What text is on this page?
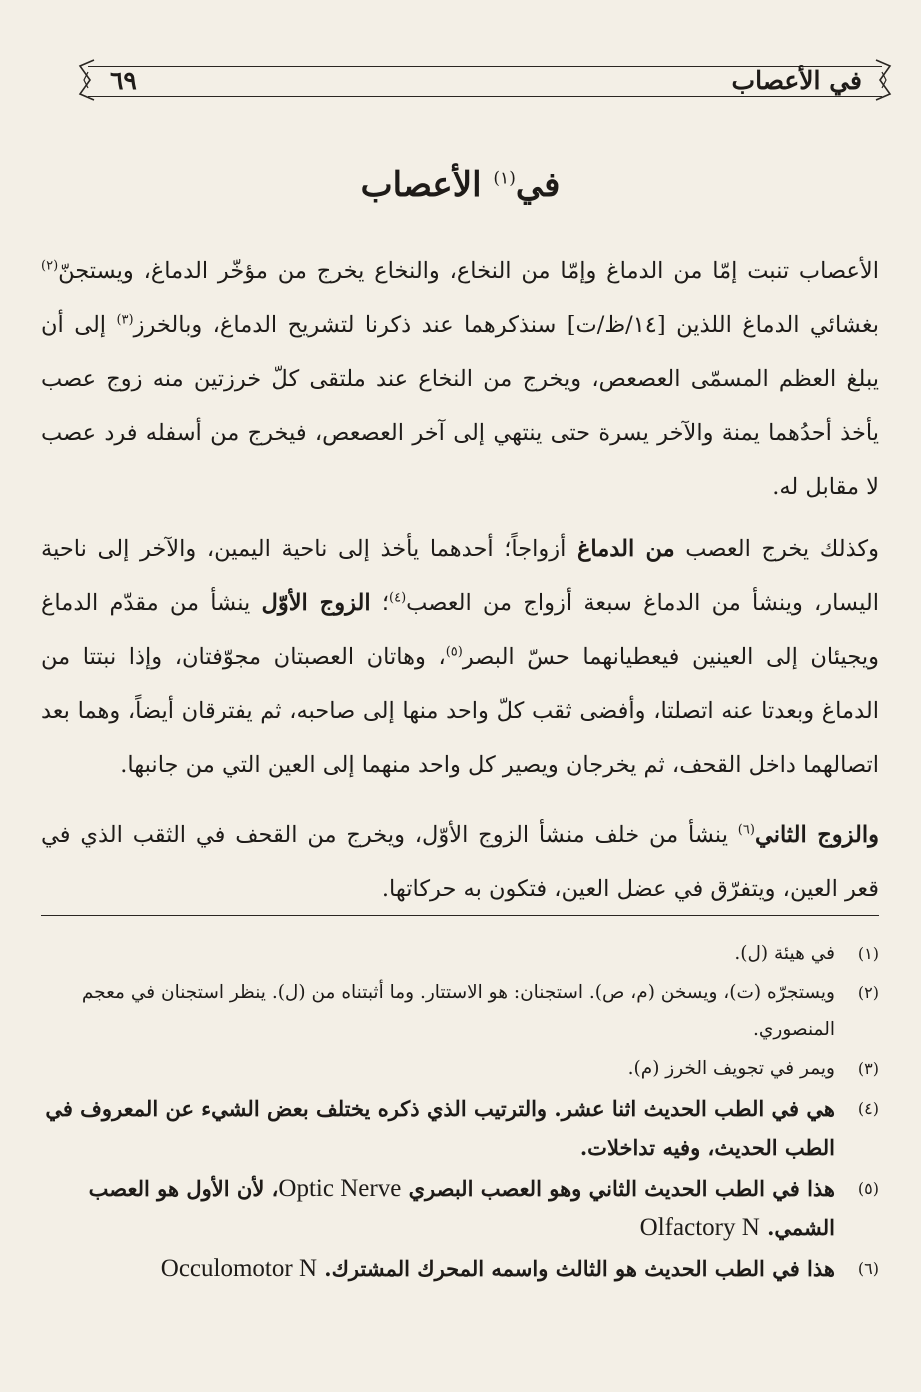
٦٩	في الأعصاب
في$^{(١)}$ الأعصاب

الأعصاب تنبت إمّا من الدماغ وإمّا من النخاع، والنخاع يخرج من مؤخّر الدماغ، ويستجنّ$^{(٢)}$ بغشائي الدماغ اللذين [١٤/ظ/ت] سنذكرهما عند ذكرنا لتشريح الدماغ، وبالخرز$^{(٣)}$ إلى أن يبلغ العظم المسمّى العصعص، ويخرج من النخاع عند ملتقى كلّ خرزتين منه زوج عصب يأخذ أحدُهما يمنة والآخر يسرة حتى ينتهي إلى آخر العصعص، فيخرج من أسفله فرد عصب لا مقابل له.

وكذلك يخرج العصب من الدماغ أزواجاً؛ أحدهما يأخذ إلى ناحية اليمين، والآخر إلى ناحية اليسار، وينشأ من الدماغ سبعة أزواج من العصب$^{(٤)}$؛ الزوج الأوّل ينشأ من مقدّم الدماغ ويجيئان إلى العينين فيعطيانهما حسّ البصر$^{(٥)}$، وهاتان العصبتان مجوّفتان، وإذا نبتتا من الدماغ وبعدتا عنه اتصلتا، وأفضى ثقب كلّ واحد منها إلى صاحبه، ثم يفترقان أيضاً، وهما بعد اتصالهما داخل القحف، ثم يخرجان ويصير كل واحد منهما إلى العين التي من جانبها.

والزوج الثاني$^{(٦)}$ ينشأ من خلف منشأ الزوج الأوّل، ويخرج من القحف في الثقب الذي في قعر العين، ويتفرّق في عضل العين، فتكون به حركاتها.

(١)
في هيئة (ل).
(٢)
ويستجرّه (ت)، ويسخن (م، ص). استجنان: هو الاستتار. وما أثبتناه من (ل). ينظر استجنان في معجم المنصوري.
(٣)
ويمر في تجويف الخرز (م).
(٤)
هي في الطب الحديث اثنا عشر. والترتيب الذي ذكره يختلف بعض الشيء عن المعروف في الطب الحديث، وفيه تداخلات.
(٥)
هذا في الطب الحديث الثاني وهو العصب البصري Optic Nerve، لأن الأول هو العصب الشمي. Olfactory N
(٦)
هذا في الطب الحديث هو الثالث واسمه المحرك المشترك. Occulomotor N
